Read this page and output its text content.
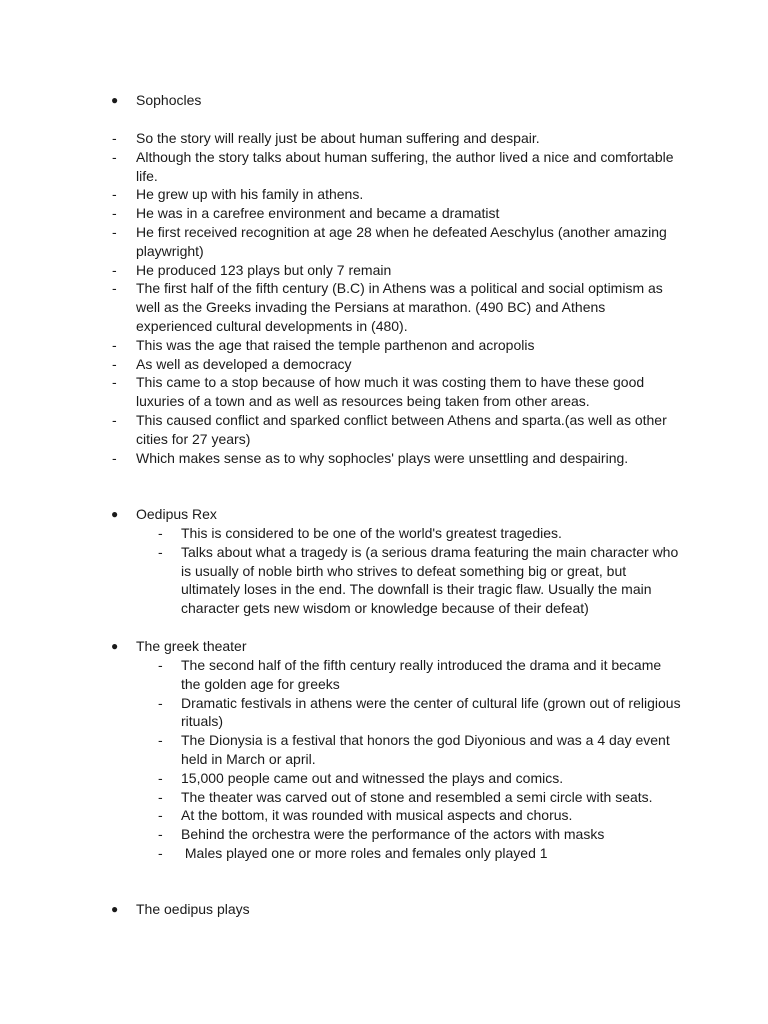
● Sophocles
- So the story will really just be about human suffering and despair.
- Although the story talks about human suffering, the author lived a nice and comfortable life.
- He grew up with his family in athens.
- He was in a carefree environment and became a dramatist
- He first received recognition at age 28 when he defeated Aeschylus (another amazing playwright)
- He produced 123 plays but only 7 remain
- The first half of the fifth century (B.C) in Athens was a political and social optimism as well as the Greeks invading the Persians at marathon. (490 BC) and Athens experienced cultural developments in (480).
- This was the age that raised the temple parthenon and acropolis
- As well as developed a democracy
- This came to a stop because of how much it was costing them to have these good luxuries of a town and as well as resources being taken from other areas.
- This caused conflict and sparked conflict between Athens and sparta.(as well as other cities for 27 years)
- Which makes sense as to why sophocles' plays were unsettling and despairing.
● Oedipus Rex
- This is considered to be one of the world's greatest tragedies.
- Talks about what a tragedy is (a serious drama featuring the main character who is usually of noble birth who strives to defeat something big or great, but ultimately loses in the end. The downfall is their tragic flaw. Usually the main character gets new wisdom or knowledge because of their defeat)
● The greek theater
- The second half of the fifth century really introduced the drama and it became the golden age for greeks
- Dramatic festivals in athens were the center of cultural life (grown out of religious rituals)
- The Dionysia is a festival that honors the god Diyonious and was a 4 day event held in March or april.
- 15,000 people came out and witnessed the plays and comics.
- The theater was carved out of stone and resembled a semi circle with seats.
- At the bottom, it was rounded with musical aspects and chorus.
- Behind the orchestra were the performance of the actors with masks
- Males played one or more roles and females only played 1
● The oedipus plays
